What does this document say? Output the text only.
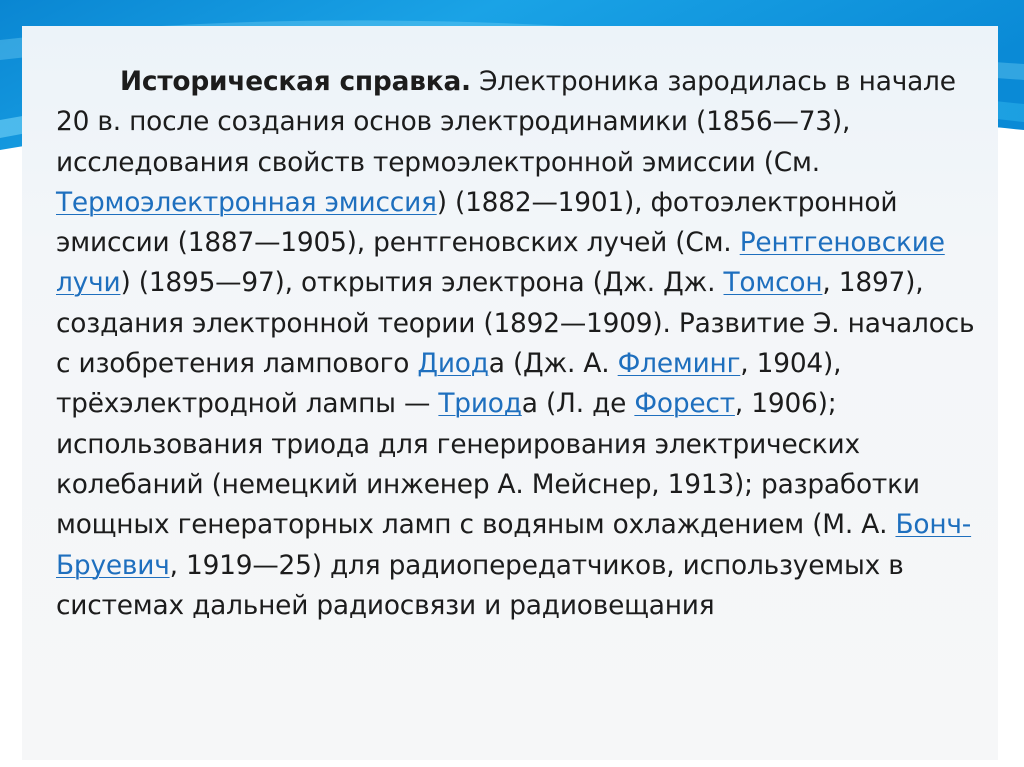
Историческая справка. Электроника зародилась в начале 20 в. после создания основ электродинамики (1856—73), исследования свойств термоэлектронной эмиссии (См. Термоэлектронная эмиссия) (1882—1901), фотоэлектронной эмиссии (1887—1905), рентгеновских лучей (См. Рентгеновские лучи) (1895—97), открытия электрона (Дж. Дж. Томсон, 1897), создания электронной теории (1892—1909). Развитие Э. началось с изобретения лампового Диода (Дж. А. Флеминг, 1904), трёхэлектродной лампы — Триода (Л. де Форест, 1906); использования триода для генерирования электрических колебаний (немецкий инженер А. Мейснер, 1913); разработки мощных генераторных ламп с водяным охлаждением (М. А. Бонч-Бруевич, 1919—25) для радиопередатчиков, используемых в системах дальней радиосвязи и радиовещания
